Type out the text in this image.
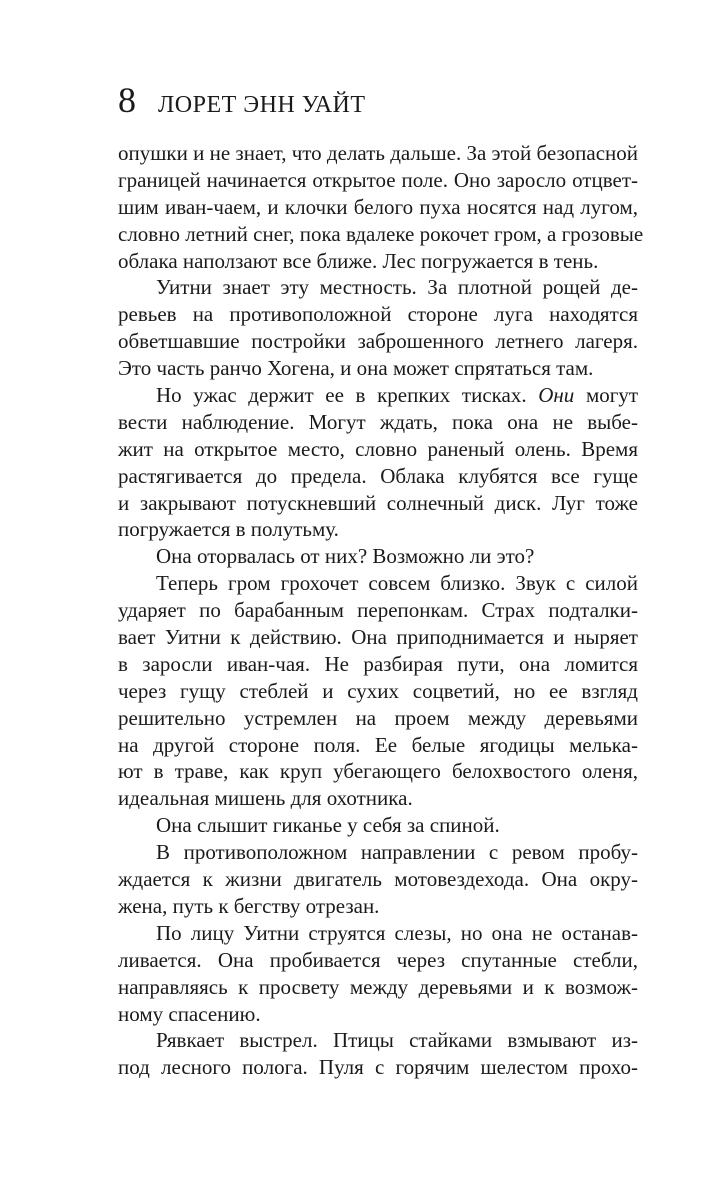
8 ЛОРЕТ ЭНН УАЙТ
опушки и не знает, что делать дальше. За этой безопасной
границей начинается открытое поле. Оно заросло отцвет-
шим иван-чаем, и клочки белого пуха носятся над лугом,
словно летний снег, пока вдалеке рокочет гром, а грозовые
облака наползают все ближе. Лес погружается в тень.
Уитни знает эту местность. За плотной рощей де-
ревьев на противоположной стороне луга находятся
обветшавшие постройки заброшенного летнего лагеря.
Это часть ранчо Хогена, и она может спрятаться там.
Но ужас держит ее в крепких тисках. Они могут
вести наблюдение. Могут ждать, пока она не выбе-
жит на открытое место, словно раненый олень. Время
растягивается до предела. Облака клубятся все гуще
и закрывают потускневший солнечный диск. Луг тоже
погружается в полутьму.
Она оторвалась от них? Возможно ли это?
Теперь гром грохочет совсем близко. Звук с силой
ударяет по барабанным перепонкам. Страх подталки-
вает Уитни к действию. Она приподнимается и ныряет
в заросли иван-чая. Не разбирая пути, она ломится
через гущу стеблей и сухих соцветий, но ее взгляд
решительно устремлен на проем между деревьями
на другой стороне поля. Ее белые ягодицы мелька-
ют в траве, как круп убегающего белохвостого оленя,
идеальная мишень для охотника.
Она слышит гиканье у себя за спиной.
В противоположном направлении с ревом пробу-
ждается к жизни двигатель мотовездехода. Она окру-
жена, путь к бегству отрезан.
По лицу Уитни струятся слезы, но она не останав-
ливается. Она пробивается через спутанные стебли,
направляясь к просвету между деревьями и к возмож-
ному спасению.
Рявкает выстрел. Птицы стайками взмывают из-
под лесного полога. Пуля с горячим шелестом прохо-
